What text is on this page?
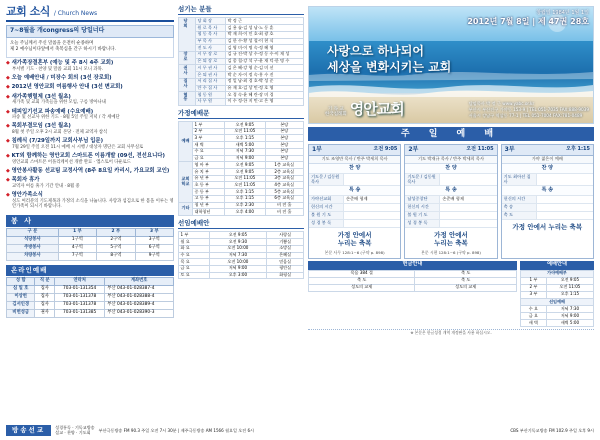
교회 소식 / Church News
7~8월을 개congress의 당일너다

오늘 주님께서 주신 말씀을 온전히 순종하며

제 2 예수님이다앞에서 축복심을 간구 하시기 바랍니다.

◆ 새가족장결혼부 (예능 및 주 8시 4주 교회)
부서별 기도 · 찬양 및 말씀 교회 11시 모니 과목.
◆ 오늘 예배안내 / 미장수 회의 (3선 장로회)
◆ 2012년 영안교회 여름행사 안내 (3선 변교회)
◆ 새가족행렬제 (3선 월초)
새가족 및 교회 가족들을 위한 모임, 구름 방아나내
◆ 테피입기선교 파송예배 (수요예배)
파송 및 선교사 위한 기도 · 8월 5일 주일 저녁 / 각 세예단
◆ 목회부결모임 (3선 월초)
8월 첫 주일 오후 2시 교회 본당 · 전체 교역자 참석
◆ 침례식 (7/29일까지 교회사부님 입문)
7월 29일 주일 오전 11시 예배 시 시행 / 대상자 명단은 교회 사무실로
◆ KT외 함께하는 영안교회 스마트폰 이름개발 (09선, 전선요니다)
영안교회 스마트폰 어플리케이션 개발 완료 · 앱스토어 다운로드
◆ 영안봉사활동 선교팀 교정사역 (8주 8요일 카리시, 가요교회 교인)
◆ 목회자 휴가
교역자 여름 휴가 기간 안내 · 8월 중
◆ 영안가족소식
성도 여러분의 기도제목과 가정의 소식을 나눕니다. 사랑과 섬김으로 한 몸을 이루는 영안가족이 되시기 바랍니다.
봉 사
구 분	1 부	2 부	3 부
식당봉사	1구역	2구역	3구역
주방봉사	4구역	5구역	6구역
차량봉사	7구역	8구역	9구역
온라인예배
성 함	직 분	연락처	계좌번호
심 일 호	집사	703-01-131354	부산 043-01-028387-4
이상헌	집사	703-01-131378	부산 043-01-028388-4
김서인경	집사	703-01-131378	부산 043-01-028389-4
비헌성금	권사	703-01-131385	부산 043-01-028390-3
섬기는 분들
당회	당 회 장	박 정 근
	원 로 목 사	김 용 술·김 성 남·노 동 훈
	협 동 목 사	박 재 희·이 인 호·최 광 호
	부 목 사	김 한 수·황 성 철·이 현 식
	전 도 사	김 영 미·이 명 숙·정 혜 영
장로	시 무 장 로	김 규 진·박 상 수·정 동 수·이 재 성
	은 퇴 장 로	김 종 철·강 석 구·윤 재 덕·한 명 수
권사	시 무 권 사	김 은 혜·강 영 순·김 미 선
	은 퇴 권 사	박 순 자·이 정 숙·홍 수 진
집사	서 리 집 사	정 일 남·최 경 호·박 성 준
	안 수 집 사	유 재 호·김 상 민·정 호 영
협동	협 동 원	오 경 숙·윤 혜 란·장 미 경
	사 무 원	이 수 정·한 지 민·고 은 영
가정예배문
예배	1 부	오전 9:05	본당
	2 부	오전 11:05	본당
	3 부	오후 1:15	본당
	새 벽	새벽 5:00	본당
	수 요	저녁 7:30	본당
	금 요	저녁 9:00	본당
교회학교	영 아 부	오전 9:05	1층 교육실
	유 치 부	오전 9:05	2층 교육실
	유 년 부	오전 11:05	3층 교육실
	초 등 부	오전 11:05	4층 교육실
	중 등 부	오후 1:15	5층 교육실
	고 등 부	오후 1:15	6층 교육실
기타	청 년 부	오후 2:30	비 전 홀
	대학청년	오후 4:00	비 전 홀
선임예배안
1 부	오전 9:05	사랑실
월 요	오전 9:30	기쁨실
화 요	오전 10:00	소망실
수 요	저녁 7:30	은혜실
목 요	오전 10:00	믿음실
금 요	저녁 9:00	평안실
토 요	오후 3:00	화평실
창립일 1984년 1월 1일
2012년 7월 8일 | 제 47권 28호
사랑으로 하나되어
세상을 변화시키는 교회
기 독 교
한국침례회 영안교회	담임목사 박 정 근 www.yabc.or.kr
부산시 부산진구 가야동 153-9 | TEL 051-7035 FAX:888-9039
서울시 강남구 역삼동 77-1 | TEL 051-7004 FAX:781-0489
주 일 예 배
1부	오전 9:05
기도 조영만 목사 / 반주 박세희 목사
찬 양
기도문 / 김동원 목사
특 송
가야선교회	손준배 형제
헌신의 시간
볼 원 기 도
성 경 봉 독
가정 안에서
누리는 축복
본문 사무 128:1~6 (구약 p. 898)
2부	오전 11:05
기도 박재규 목사 / 반주 박세희 목사
찬 양
기도문 / 김동원 목사
특 송
남성중창단	손준배 형제
헌신의 시간
볼 원 기 도
성 경 봉 독
가정 안에서
누리는 축복
본문 시편 128:1~6 (구약 p. 898)
3부	오후 1:15
가야 젊은이 예배
찬 양
기도 최아선 집사
특 송
헌신의 시간
축 송
축 도
가정 안에서 누리는 축복
헌금안내
목음 384 절	축 도
축 도	축 도
성도의 교제	성도의 교제
예배안내
가야예배부	
1 부	오전 9:05
2 부	오전 11:05
3 부	오후 1:15
선임예배	
수 요	저녁 7:30
금 요	저녁 9:00
새 벽	새벽 5:00
※ 본문은 한글성경 개역 개정판을 사용 하십시오.
방송선교	성경통독 · 기독교방송
설교 · 찬양 · 기도회
부산극동방송 FM 90.3 주일 오전 7시 30분 | 제주극동방송 AM 1566 월요일 오전 6시	CBS 부산기독교방송 FM 102.9 주일 오후 9시
